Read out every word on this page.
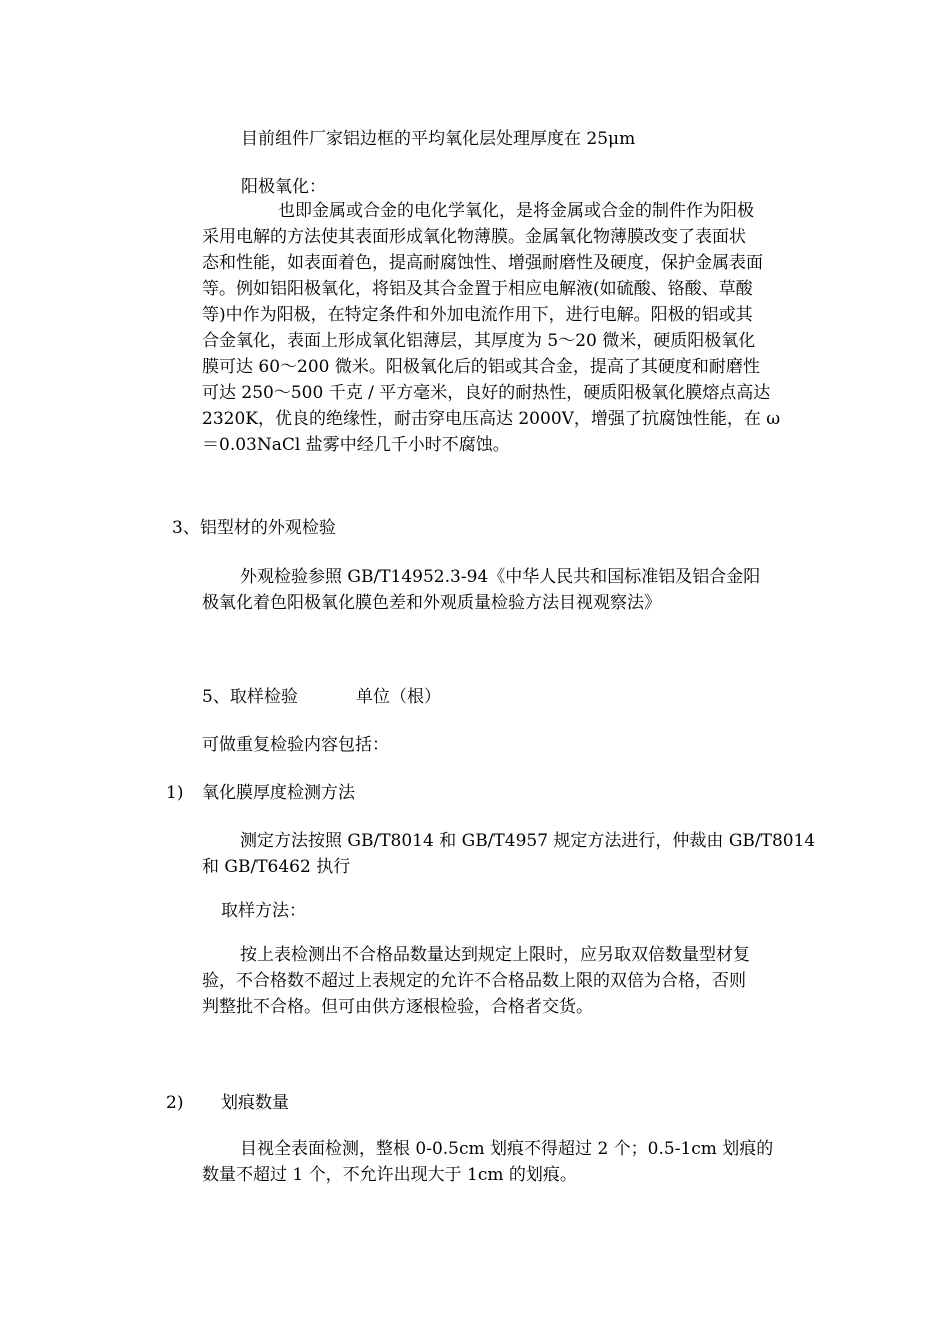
目前组件厂家铝边框的平均氧化层处理厚度在 25μm
阳极氧化：
也即金属或合金的电化学氧化，是将金属或合金的制件作为阳极
采用电解的方法使其表面形成氧化物薄膜。金属氧化物薄膜改变了表面状
态和性能，如表面着色，提高耐腐蚀性、增强耐磨性及硬度，保护金属表面
等。例如铝阳极氧化，将铝及其合金置于相应电解液(如硫酸、铬酸、草酸
等)中作为阳极，在特定条件和外加电流作用下，进行电解。阳极的铝或其
合金氧化，表面上形成氧化铝薄层，其厚度为 5～20 微米，硬质阳极氧化
膜可达 60～200 微米。阳极氧化后的铝或其合金，提高了其硬度和耐磨性
可达 250～500 千克 / 平方毫米，良好的耐热性，硬质阳极氧化膜熔点高达
2320K，优良的绝缘性，耐击穿电压高达 2000V，增强了抗腐蚀性能，在 ω
＝0.03NaCl 盐雾中经几千小时不腐蚀。
3、铝型材的外观检验
外观检验参照 GB/T14952.3-94《中华人民共和国标准铝及铝合金阳
极氧化着色阳极氧化膜色差和外观质量检验方法目视观察法》
5、取样检验	单位（根）
可做重复检验内容包括：
1) 氧化膜厚度检测方法
测定方法按照 GB/T8014 和 GB/T4957 规定方法进行，仲裁由 GB/T8014
和 GB/T6462 执行
取样方法：
按上表检测出不合格品数量达到规定上限时，应另取双倍数量型材复
验，不合格数不超过上表规定的允许不合格品数上限的双倍为合格，否则
判整批不合格。但可由供方逐根检验，合格者交货。
2) 划痕数量
目视全表面检测，整根 0-0.5cm 划痕不得超过 2 个；0.5-1cm 划痕的
数量不超过 1 个，不允许出现大于 1cm 的划痕。
